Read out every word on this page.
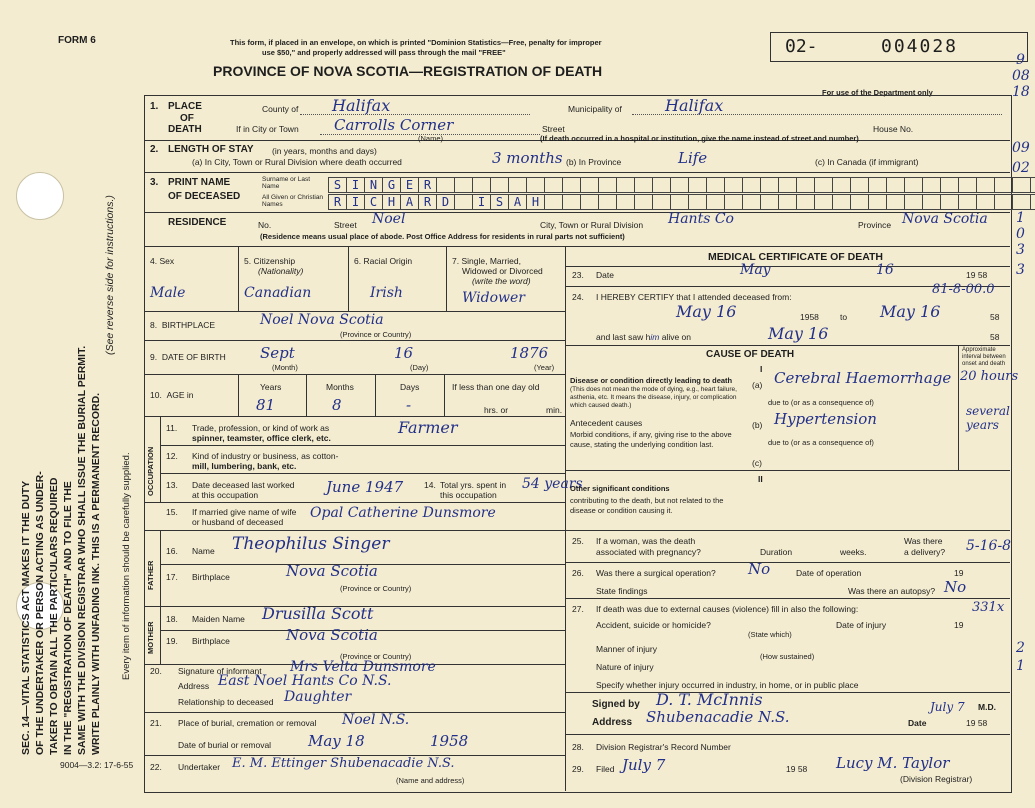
FORM 6	This form, if placed in an envelope, on which is printed "Dominion Statistics—Free, penalty for improper
use $50," and properly addressed will pass through the mail "FREE"
PROVINCE OF NOVA SCOTIA—REGISTRATION OF DEATH
02-	004028
For use of the Department only
9
08
18
09
02
1
0
3
3
2
1
SEC. 14—VITAL STATISTICS ACT MAKES IT THE DUTY OF THE UNDERTAKER OR PERSON ACTING AS UNDER- TAKER TO OBTAIN ALL THE PARTICULARS REQUIRED IN THE "REGISTRATION OF DEATH" AND TO FILE THE SAME WITH THE DIVISION REGISTRAR WHO SHALL ISSUE THE BURIAL PERMIT. WRITE PLAINLY WITH UNFADING INK. THIS IS A PERMANENT RECORD.
(See reverse side for instructions.)
Every item of information should be carefully supplied.
1. PLACE
OF
DEATH
County of Halifax	Municipality of	Halifax
If in City or Town Carrolls Corner
(Name)
Street	House No.
(If death occurred in a hospital or institution, give the name instead of street and number)
2. LENGTH OF STAY (in years, months and days)
(a) In City, Town or Rural Division where death occurred	3 months (b) In Province	Life	(c) In Canada (if immigrant)
3. PRINT NAME
OF DECEASED
Surname or Last Name
All Given or Christian Names
S I N G E R
R I C H A R D	I S A H
RESIDENCE	No.	Street Noel	City, Town or Rural Division Hants Co	Province Nova Scotia
(Residence means usual place of abode. Post Office Address for residents in rural parts not sufficient)
4. Sex
Male
5. Citizenship
(Nationality)
Canadian
6. Racial Origin
Irish
7. Single, Married,
Widowed or Divorced
(write the word)
Widower
8. BIRTHPLACE	Noel Nova Scotia
(Province or Country)
9. DATE OF BIRTH Sept	16	1876
(Month)	(Day)	(Year)
10. AGE in
Years	Months	Days
81	8	-
If less than one day old
hrs. or	min.
OCCUPATION
11. Trade, profession, or kind of work as
spinner, teamster, office clerk, etc.
Farmer
12. Kind of industry or business, as cotton-
mill, lumbering, bank, etc.
13. Date deceased last worked
at this occupation	June 1947 14. Total yrs. spent in
this occupation
54 years
15. If married give name of wife
or husband of deceased
Opal Catherine Dunsmore
FATHER
16. Name Theophilus Singer
17. Birthplace	Nova Scotia
(Province or Country)
MOTHER
18. Maiden Name Drusilla Scott
19. Birthplace	Nova Scotia
(Province or Country)
20. Signature of informant Mrs Velta Dunsmore
Address East Noel Hants Co N.S.
Relationship to deceased Daughter
21. Place of burial, cremation or removal Noel N.S.
Date of burial or removal May 18	1958
22. Undertaker E. M. Ettinger Shubenacadie N.S.
(Name and address)
9004—3.2: 17-6-55
MEDICAL CERTIFICATE OF DEATH
23. Date	May	16	19 58
24. I HEREBY CERTIFY that I attended deceased from:	81-8-00.0
May 16	1958 to May 16	58
and last saw him alive on	May 16	58
CAUSE OF DEATH	Approximate interval between onset and death
I
Disease or condition directly leading to death
(This does not mean the mode of dying, e.g., heart failure, asthenia, etc. It means the disease, injury, or complication which caused death.)
(a) Cerebral Haemorrhage 20 hours
due to (or as a consequence of)
Antecedent causes
Morbid conditions, if any, giving rise to the above cause, stating the underlying condition last.
(b) Hypertension	several years
due to (or as a consequence of)
(c)
II
Other significant conditions
contributing to the death, but not related to the disease or condition causing it.
25. If a woman, was the death
associated with pregnancy?	Duration	weeks.
Was there
a delivery? 5-16-8
26. Was there a surgical operation? No	Date of operation	19
State findings	Was there an autopsy? No
27. If death was due to external causes (violence) fill in also the following:	331x
Accident, suicide or homicide?
(State which)
Date of injury	19
Manner of injury
(How sustained)
Nature of injury
Specify whether injury occurred in industry, in home, or in public place
Signed by D. T. McInnis	M.D.
Address Shubenacadie N.S.	Date
July 7
19 58
28. Division Registrar's Record Number
29. Filed July 7	19 58 Lucy M. Taylor
(Division Registrar)
